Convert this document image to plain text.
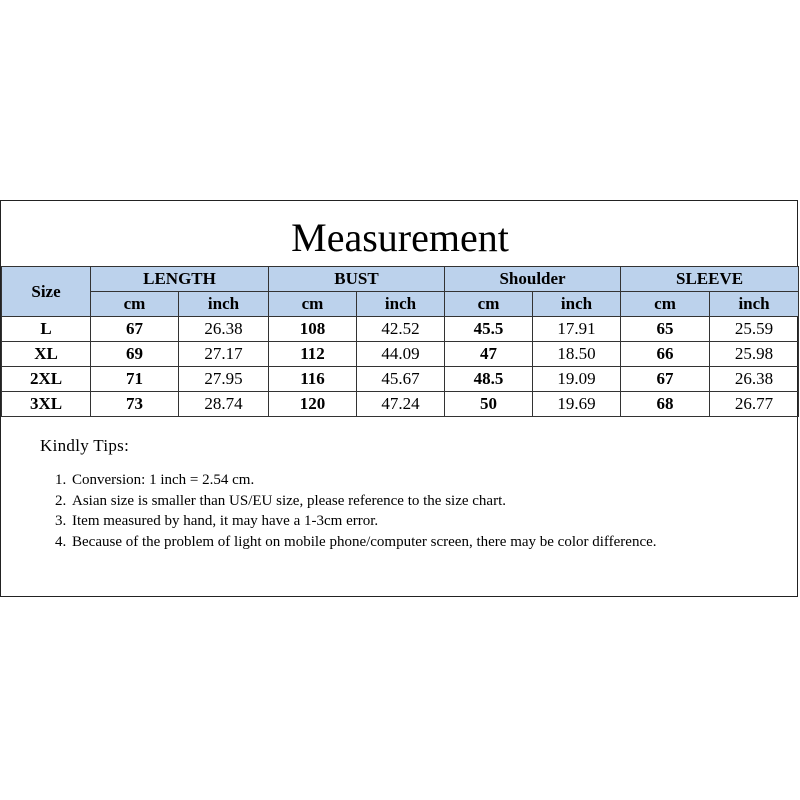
Measurement
Size	LENGTH		BUST		Shoulder		SLEEVE	
	cm	inch	cm	inch	cm	inch	cm	inch
L	67	26.38	108	42.52	45.5	17.91	65	25.59
XL	69	27.17	112	44.09	47	18.50	66	25.98
2XL	71	27.95	116	45.67	48.5	19.09	67	26.38
3XL	73	28.74	120	47.24	50	19.69	68	26.77
Kindly Tips:
1. Conversion: 1 inch = 2.54 cm.
2. Asian size is smaller than US/EU size, please reference to the size chart.
3. Item measured by hand, it may have a 1-3cm error.
4. Because of the problem of light on mobile phone/computer screen, there may be color difference.
